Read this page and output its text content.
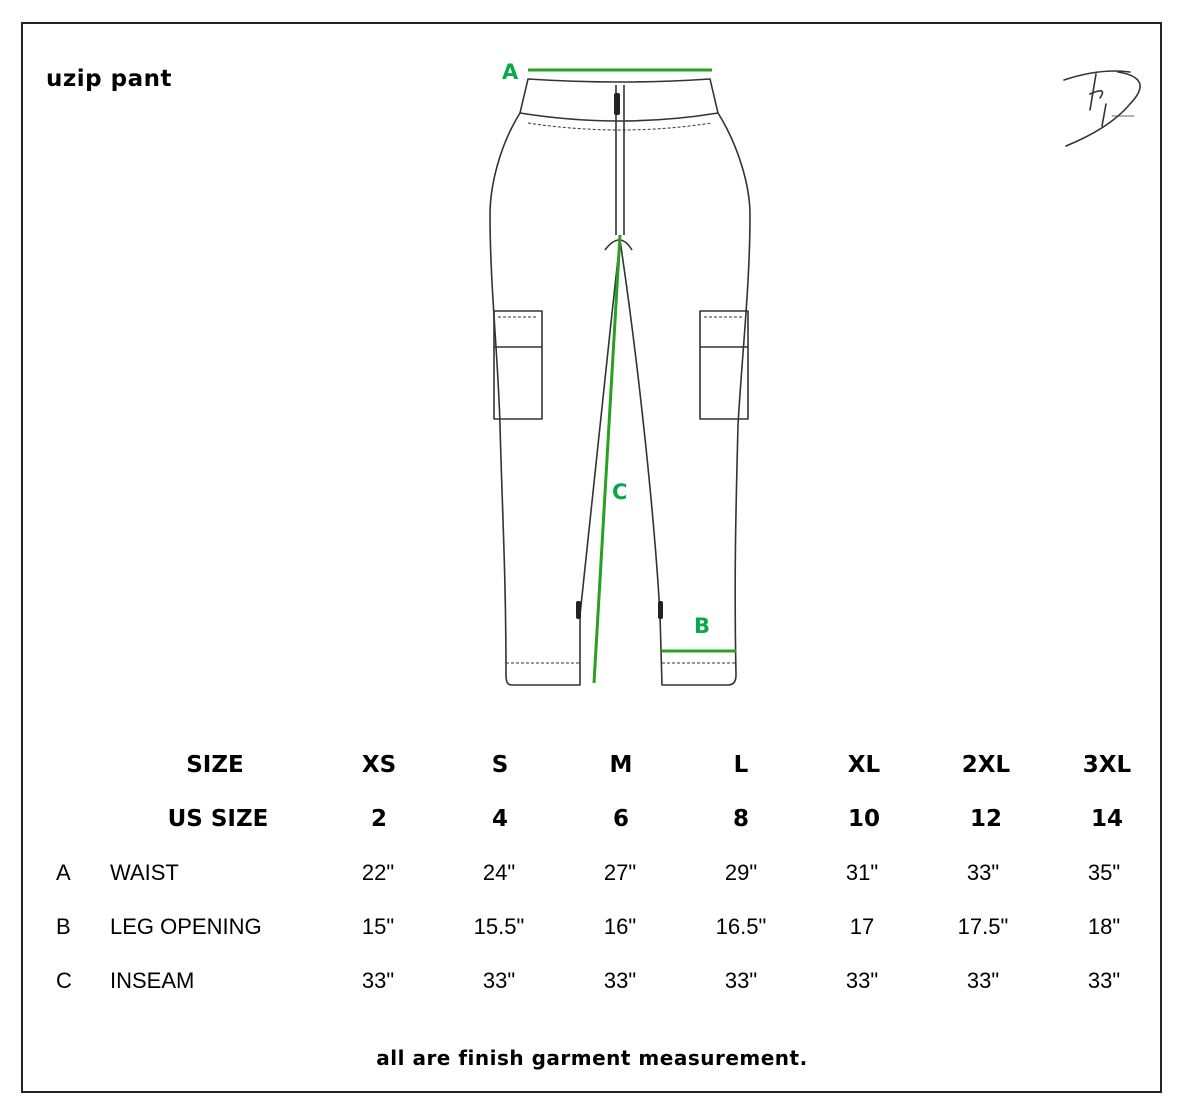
uzip pant	A
C
B
SIZE	XS	S	M	L	XL	2XL	3XL
US SIZE	2	4	6	8	10	12	14
A WAIST	22"	24"	27"	29"	31"	33"	35"
B LEG OPENING	15"	15.5"	16"	16.5"	17	17.5"	18"
C INSEAM	33"	33"	33"	33"	33"	33"	33"
all are finish garment measurement.
